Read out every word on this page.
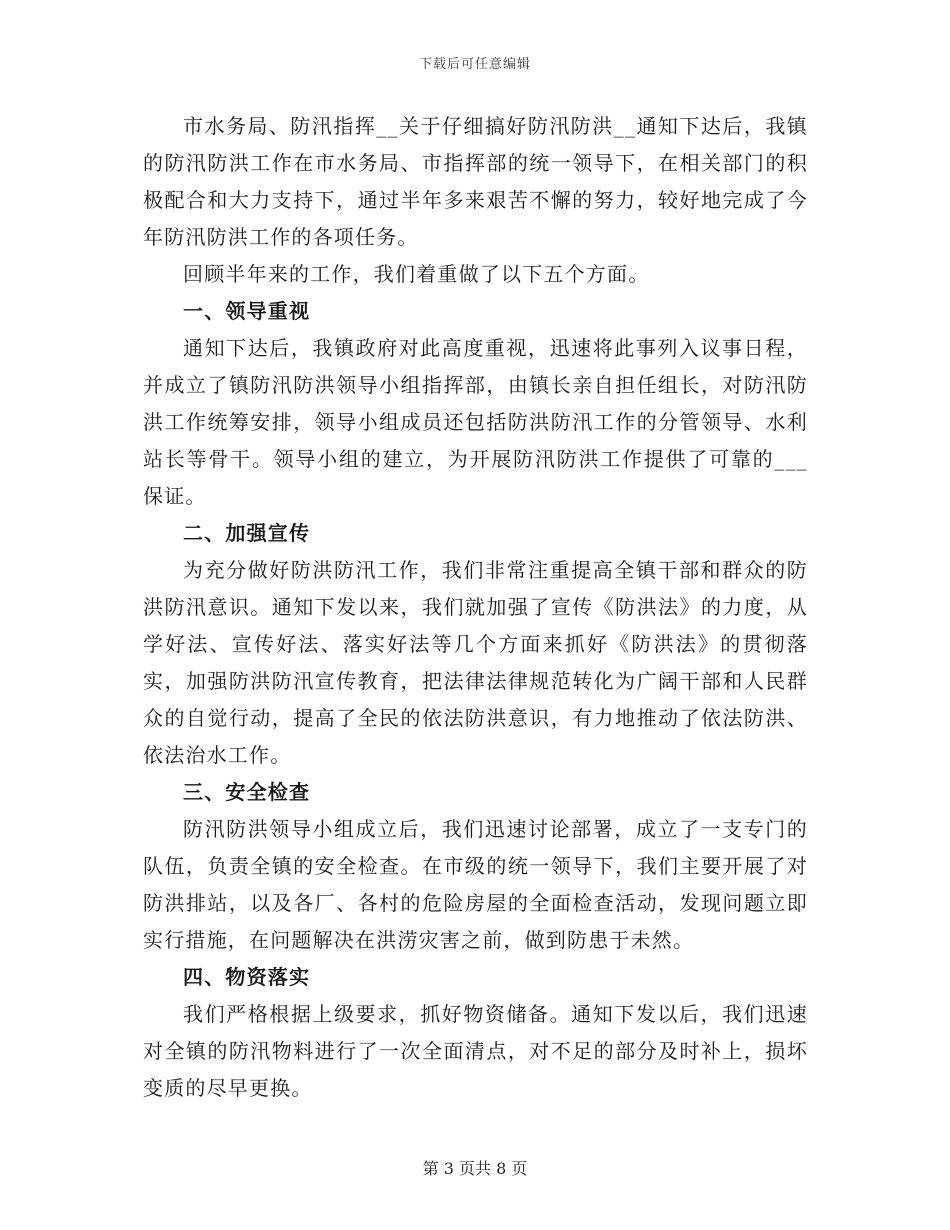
下载后可任意编辑

市水务局、防汛指挥__关于仔细搞好防汛防洪__通知下达后，我镇的防汛防洪工作在市水务局、市指挥部的统一领导下，在相关部门的积极配合和大力支持下，通过半年多来艰苦不懈的努力，较好地完成了今年防汛防洪工作的各项任务。

回顾半年来的工作，我们着重做了以下五个方面。

一、领导重视

通知下达后，我镇政府对此高度重视，迅速将此事列入议事日程，并成立了镇防汛防洪领导小组指挥部，由镇长亲自担任组长，对防汛防洪工作统筹安排，领导小组成员还包括防洪防汛工作的分管领导、水利站长等骨干。领导小组的建立，为开展防汛防洪工作提供了可靠的___保证。

二、加强宣传

为充分做好防洪防汛工作，我们非常注重提高全镇干部和群众的防洪防汛意识。通知下发以来，我们就加强了宣传《防洪法》的力度，从学好法、宣传好法、落实好法等几个方面来抓好《防洪法》的贯彻落实，加强防洪防汛宣传教育，把法律法律规范转化为广阔干部和人民群众的自觉行动，提高了全民的依法防洪意识，有力地推动了依法防洪、依法治水工作。

三、安全检查

防汛防洪领导小组成立后，我们迅速讨论部署，成立了一支专门的队伍，负责全镇的安全检查。在市级的统一领导下，我们主要开展了对防洪排站，以及各厂、各村的危险房屋的全面检查活动，发现问题立即实行措施，在问题解决在洪涝灾害之前，做到防患于未然。

四、物资落实

我们严格根据上级要求，抓好物资储备。通知下发以后，我们迅速对全镇的防汛物料进行了一次全面清点，对不足的部分及时补上，损坏变质的尽早更换。

第 3 页共 8 页
